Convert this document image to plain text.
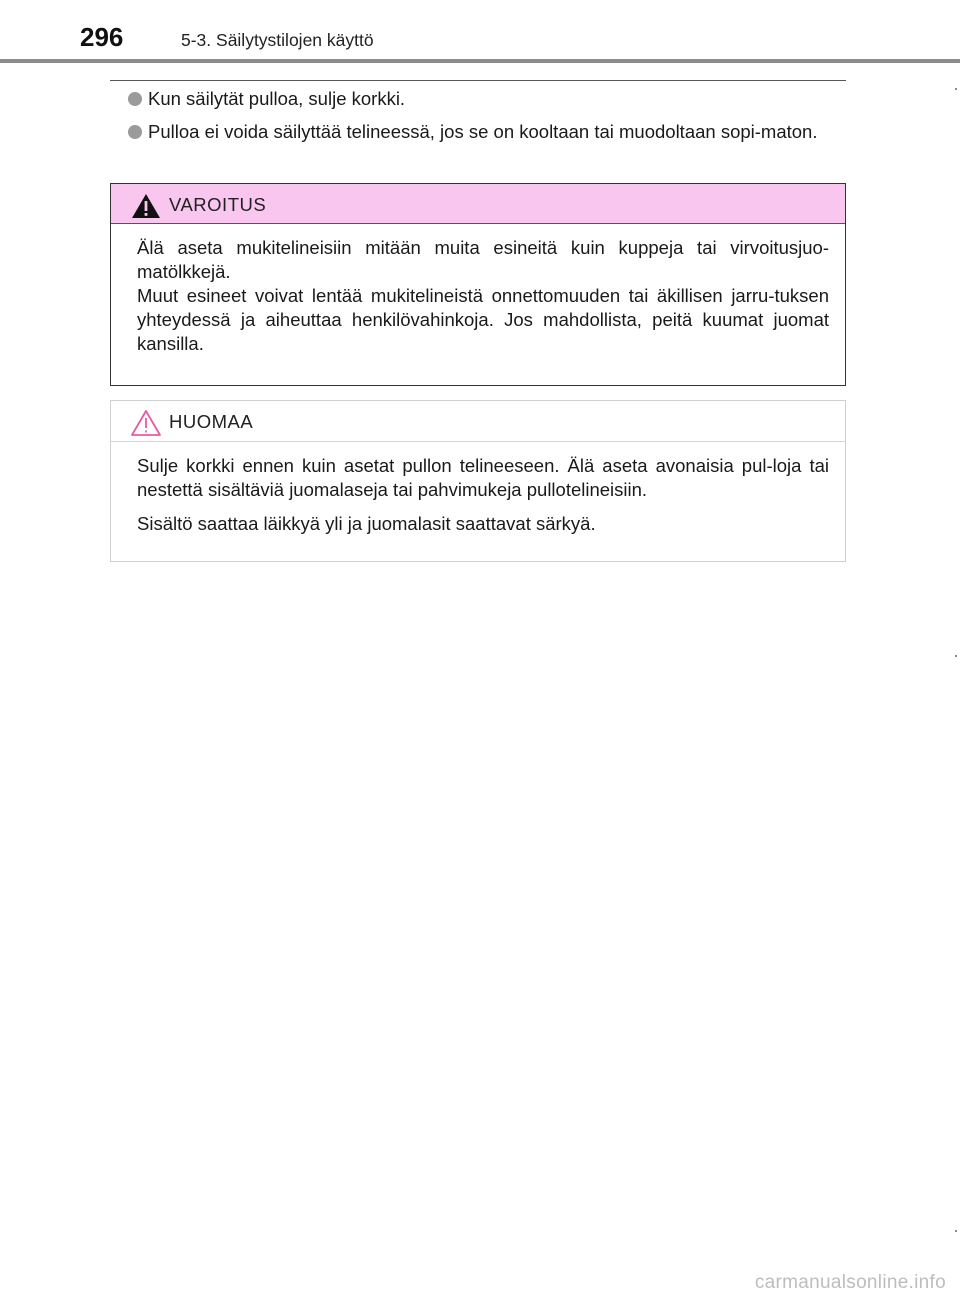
296	5-3. Säilytystilojen käyttö
Kun säilytät pulloa, sulje korkki.
Pulloa ei voida säilyttää telineessä, jos se on kooltaan tai muodoltaan sopi-maton.
VAROITUS

Älä aseta mukitelineisiin mitään muita esineitä kuin kuppeja tai virvoitusjuo-matölkkejä.

Muut esineet voivat lentää mukitelineistä onnettomuuden tai äkillisen jarru-tuksen yhteydessä ja aiheuttaa henkilövahinkoja. Jos mahdollista, peitä kuumat juomat kansilla.

HUOMAA

Sulje korkki ennen kuin asetat pullon telineeseen. Älä aseta avonaisia pul-loja tai nestettä sisältäviä juomalaseja tai pahvimukeja pullotelineisiin.

Sisältö saattaa läikkyä yli ja juomalasit saattavat särkyä.

carmanualsonline.info
